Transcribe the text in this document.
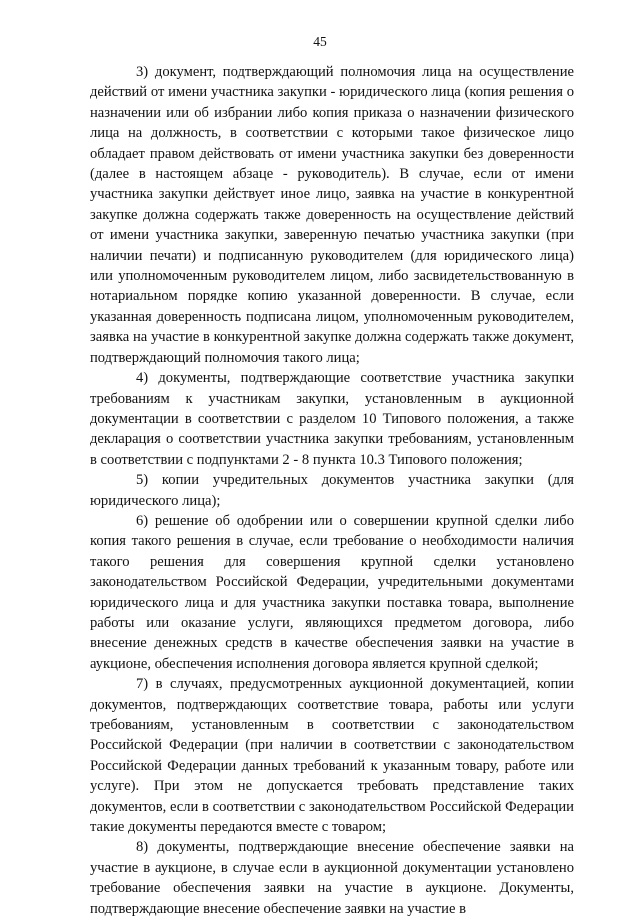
45

3) документ, подтверждающий полномочия лица на осуществление действий от имени участника закупки - юридического лица (копия решения о назначении или об избрании либо копия приказа о назначении физического лица на должность, в соответствии с которыми такое физическое лицо обладает правом действовать от имени участника закупки без доверенности (далее в настоящем абзаце - руководитель). В случае, если от имени участника закупки действует иное лицо, заявка на участие в конкурентной закупке должна содержать также доверенность на осуществление действий от имени участника закупки, заверенную печатью участника закупки (при наличии печати) и подписанную руководителем (для юридического лица) или уполномоченным руководителем лицом, либо засвидетельствованную в нотариальном порядке копию указанной доверенности. В случае, если указанная доверенность подписана лицом, уполномоченным руководителем, заявка на участие в конкурентной закупке должна содержать также документ, подтверждающий полномочия такого лица;

4) документы, подтверждающие соответствие участника закупки требованиям к участникам закупки, установленным в аукционной документации в соответствии с разделом 10 Типового положения, а также декларация о соответствии участника закупки требованиям, установленным в соответствии с подпунктами 2 - 8 пункта 10.3 Типового положения;

5) копии учредительных документов участника закупки (для юридического лица);

6) решение об одобрении или о совершении крупной сделки либо копия такого решения в случае, если требование о необходимости наличия такого решения для совершения крупной сделки установлено законодательством Российской Федерации, учредительными документами юридического лица и для участника закупки поставка товара, выполнение работы или оказание услуги, являющихся предметом договора, либо внесение денежных средств в качестве обеспечения заявки на участие в аукционе, обеспечения исполнения договора является крупной сделкой;

7) в случаях, предусмотренных аукционной документацией, копии документов, подтверждающих соответствие товара, работы или услуги требованиям, установленным в соответствии с законодательством Российской Федерации (при наличии в соответствии с законодательством Российской Федерации данных требований к указанным товару, работе или услуге). При этом не допускается требовать представление таких документов, если в соответствии с законодательством Российской Федерации такие документы передаются вместе с товаром;

8) документы, подтверждающие внесение обеспечение заявки на участие в аукционе, в случае если в аукционной документации установлено требование обеспечения заявки на участие в аукционе. Документы, подтверждающие внесение обеспечение заявки на участие в
